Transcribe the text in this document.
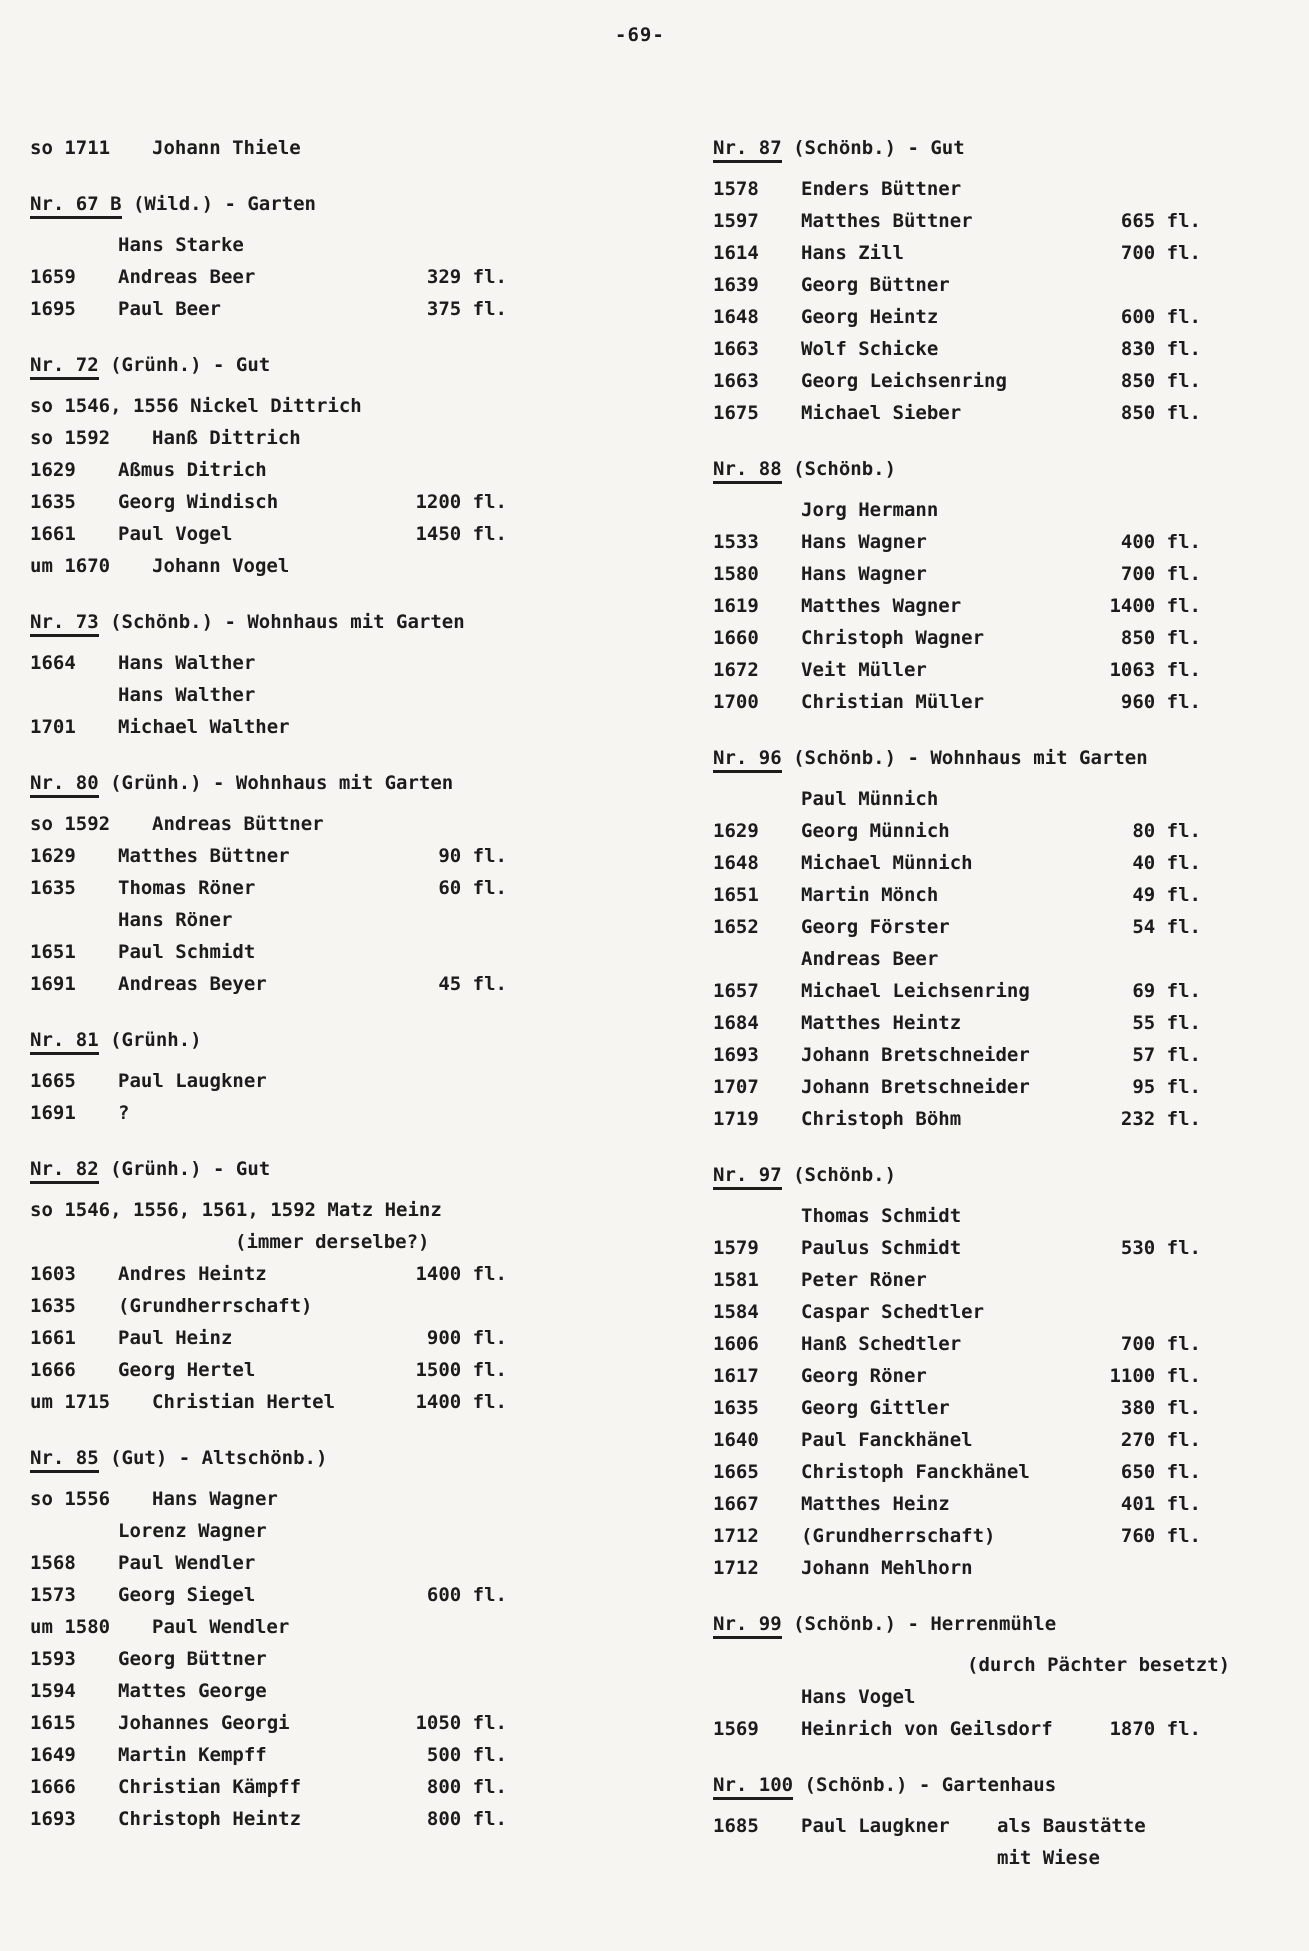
-69-
so 1711	Johann Thiele
Nr. 67 B (Wild.) - Garten
Hans Starke
1659	Andreas Beer	329 fl.
1695	Paul Beer	375 fl.
Nr. 72 (Grünh.) - Gut
so 1546, 1556 Nickel Dittrich
so 1592	Hanß Dittrich
1629	Aßmus Ditrich
1635	Georg Windisch	1200 fl.
1661	Paul Vogel	1450 fl.
um 1670	Johann Vogel
Nr. 73 (Schönb.) - Wohnhaus mit Garten
1664	Hans Walther
Hans Walther
1701	Michael Walther
Nr. 80 (Grünh.) - Wohnhaus mit Garten
so 1592	Andreas Büttner
1629	Matthes Büttner	90 fl.
1635	Thomas Röner	60 fl.
Hans Röner
1651	Paul Schmidt
1691	Andreas Beyer	45 fl.
Nr. 81 (Grünh.)
1665	Paul Laugkner
1691	?
Nr. 82 (Grünh.) - Gut
so 1546, 1556, 1561, 1592 Matz Heinz
(immer derselbe?)
1603	Andres Heintz	1400 fl.
1635	(Grundherrschaft)
1661	Paul Heinz	900 fl.
1666	Georg Hertel	1500 fl.
um 1715	Christian Hertel	1400 fl.
Nr. 85 (Gut) - Altschönb.)
so 1556	Hans Wagner
Lorenz Wagner
1568	Paul Wendler
1573	Georg Siegel	600 fl.
um 1580	Paul Wendler
1593	Georg Büttner
1594	Mattes George
1615	Johannes Georgi	1050 fl.
1649	Martin Kempff	500 fl.
1666	Christian Kämpff	800 fl.
1693	Christoph Heintz	800 fl.
Nr. 87 (Schönb.) - Gut
1578	Enders Büttner
1597	Matthes Büttner	665 fl.
1614	Hans Zill	700 fl.
1639	Georg Büttner
1648	Georg Heintz	600 fl.
1663	Wolf Schicke	830 fl.
1663	Georg Leichsenring	850 fl.
1675	Michael Sieber	850 fl.
Nr. 88 (Schönb.)
Jorg Hermann
1533	Hans Wagner	400 fl.
1580	Hans Wagner	700 fl.
1619	Matthes Wagner	1400 fl.
1660	Christoph Wagner	850 fl.
1672	Veit Müller	1063 fl.
1700	Christian Müller	960 fl.
Nr. 96 (Schönb.) - Wohnhaus mit Garten
Paul Münnich
1629	Georg Münnich	80 fl.
1648	Michael Münnich	40 fl.
1651	Martin Mönch	49 fl.
1652	Georg Förster	54 fl.
Andreas Beer
1657	Michael Leichsenring	69 fl.
1684	Matthes Heintz	55 fl.
1693	Johann Bretschneider	57 fl.
1707	Johann Bretschneider	95 fl.
1719	Christoph Böhm	232 fl.
Nr. 97 (Schönb.)
Thomas Schmidt
1579	Paulus Schmidt	530 fl.
1581	Peter Röner
1584	Caspar Schedtler
1606	Hanß Schedtler	700 fl.
1617	Georg Röner	1100 fl.
1635	Georg Gittler	380 fl.
1640	Paul Fanckhänel	270 fl.
1665	Christoph Fanckhänel	650 fl.
1667	Matthes Heinz	401 fl.
1712	(Grundherrschaft)	760 fl.
1712	Johann Mehlhorn
Nr. 99 (Schönb.) - Herrenmühle
(durch Pächter besetzt)
Hans Vogel
1569	Heinrich von Geilsdorf	1870 fl.
Nr. 100 (Schönb.) - Gartenhaus
1685	Paul Laugkner	als Baustätte
mit Wiese
